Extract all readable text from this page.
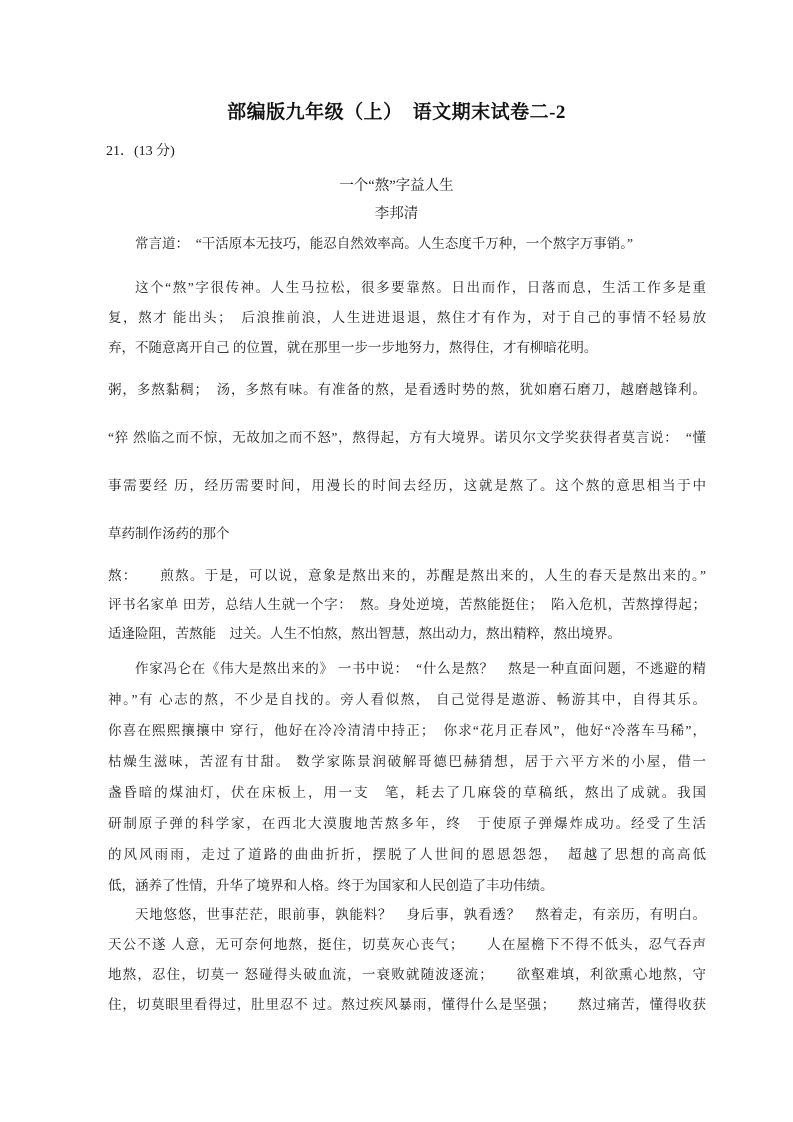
部编版九年级（上）　语文期末试卷二-2
21．(13 分)
一个“熬”字益人生
李邦清
常言道：　“干活原本无技巧，能忍自然效率高。人生态度千万种，一个熬字万事销。”
这个“熬”字很传神。人生马拉松，很多要靠熬。日出而作，日落而息，生活工作多是重
复，熬才 能出头；　后浪推前浪，人生进进退退，熬住才有作为，对于自己的事情不轻易放
弃，不随意离开自己 的位置，就在那里一步一步地努力，熬得住，才有柳暗花明。
粥，多熬黏稠；　汤，多熬有味。有准备的熬，是看透时势的熬，犹如磨石磨刀，越磨越锋利。
“猝 然临之而不惊，无故加之而不怒”，熬得起，方有大境界。诺贝尔文学奖获得者莫言说：　“懂
事需要经 历，经历需要时间，用漫长的时间去经历，这就是熬了。这个熬的意思相当于中
草药制作汤药的那个
熬：　　煎熬。于是，可以说，意象是熬出来的，苏醒是熬出来的，人生的春天是熬出来的。”
评书名家单 田芳，总结人生就一个字：　熬。身处逆境，苦熬能挺住；　陷入危机，苦熬撑得起；
适逢险阻，苦熬能　过关。人生不怕熬，熬出智慧，熬出动力，熬出精粹，熬出境界。
作家冯仑在《伟大是熬出来的》 一书中说：　“什么是熬？　熬是一种直面问题，不逃避的精
神。”有 心志的熬，不少是自找的。旁人看似熬， 自己觉得是遨游、畅游其中，自得其乐。
你喜在熙熙攘攘中 穿行，他好在冷冷清清中持正；　你求“花月正春风”，他好“冷落车马稀”，
枯燥生滋味，苦涩有甘甜。 数学家陈景润破解哥德巴赫猜想，居于六平方米的小屋，借一
盏昏暗的煤油灯，伏在床板上，用一支　笔，耗去了几麻袋的草稿纸，熬出了成就。我国
研制原子弹的科学家，在西北大漠腹地苦熬多年，终　于使原子弹爆炸成功。经受了生活
的风风雨雨，走过了道路的曲曲折折，摆脱了人世间的恩恩怨怨，　超越了思想的高高低
低，涵养了性情，升华了境界和人格。终于为国家和人民创造了丰功伟绩。
天地悠悠，世事茫茫，眼前事，孰能料？　身后事，孰看透？　熬着走，有亲历，有明白。
天公不遂 人意，无可奈何地熬，挺住，切莫灰心丧气；　　人在屋檐下不得不低头，忍气吞声
地熬，忍住，切莫一 怒碰得头破血流，一衰败就随波逐流；　　欲壑难填，利欲熏心地熬，守
住，切莫眼里看得过，肚里忍不 过。熬过疾风暴雨，懂得什么是坚强；　　熬过痛苦，懂得收获
